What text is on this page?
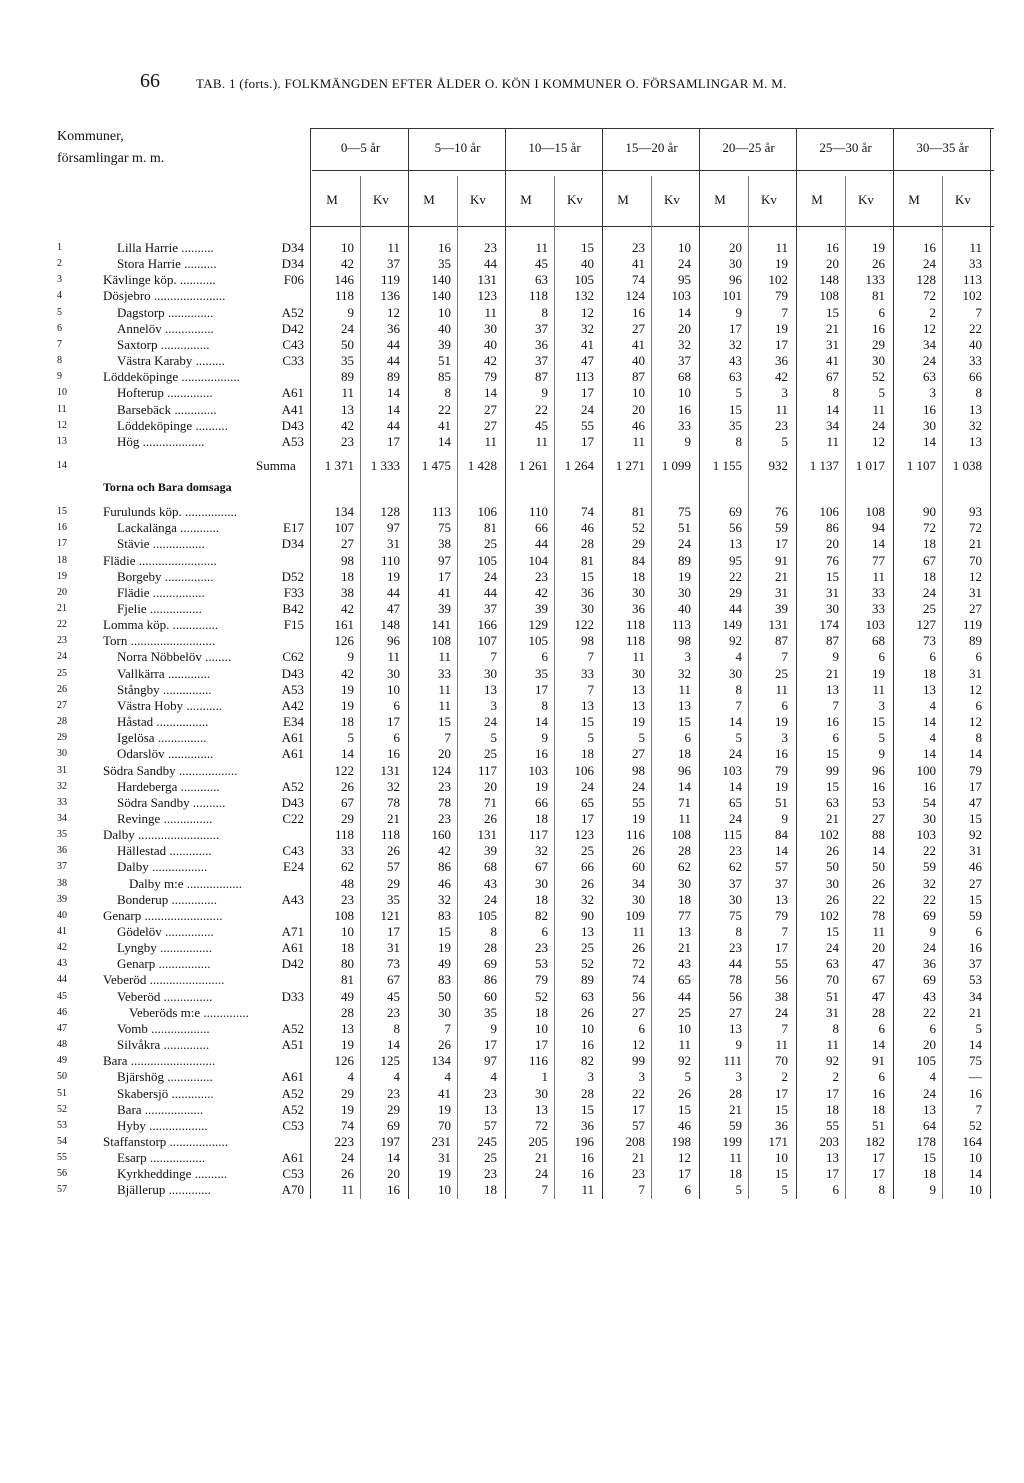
66	TAB. 1 (forts.). FOLKMÄNGDEN EFTER ÅLDER O. KÖN I KOMMUNER O. FÖRSAMLINGAR M. M.
Kommuner,
församlingar m. m.
0—5 år
M	Kv
5—10 år
M	Kv
10—15 år
M	Kv
15—20 år
M	Kv
20—25 år
M	Kv
25—30 år
M	Kv
30—35 år
M	Kv
Torna och Bara domsaga
1	Lilla Harrie ..........	D34	10	11	16	23	11	15	23	10	20	11	16	19	16	11
2	Stora Harrie ..........	D34	42	37	35	44	45	40	41	24	30	19	20	26	24	33
3	Kävlinge köp. ...........	F06	146	119	140	131	63	105	74	95	96	102	148	133	128	113
4	Dösjebro ......................	118	136	140	123	118	132	124	103	101	79	108	81	72	102
5	Dagstorp ..............	A52	9	12	10	11	8	12	16	14	9	7	15	6	2	7
6	Annelöv ...............	D42	24	36	40	30	37	32	27	20	17	19	21	16	12	22
7	Saxtorp ...............	C43	50	44	39	40	36	41	41	32	32	17	31	29	34	40
8	Västra Karaby .........	C33	35	44	51	42	37	47	40	37	43	36	41	30	24	33
9	Löddeköpinge ..................	89	89	85	79	87	113	87	68	63	42	67	52	63	66
10	Hofterup ..............	A61	11	14	8	14	9	17	10	10	5	3	8	5	3	8
11	Barsebäck .............	A41	13	14	22	27	22	24	20	16	15	11	14	11	16	13
12	Löddeköpinge ..........	D43	42	44	41	27	45	55	46	33	35	23	34	24	30	32
13	Hög ...................	A53	23	17	14	11	11	17	11	9	8	5	11	12	14	13
14	Summa	1 371	1 333	1 475	1 428	1 261	1 264	1 271	1 099	1 155	932	1 137	1 017	1 107	1 038
15	Furulunds köp. ................	134	128	113	106	110	74	81	75	69	76	106	108	90	93
16	Lackalänga ............	E17	107	97	75	81	66	46	52	51	56	59	86	94	72	72
17	Stävie ................	D34	27	31	38	25	44	28	29	24	13	17	20	14	18	21
18	Flädie ........................	98	110	97	105	104	81	84	89	95	91	76	77	67	70
19	Borgeby ...............	D52	18	19	17	24	23	15	18	19	22	21	15	11	18	12
20	Flädie ................	F33	38	44	41	44	42	36	30	30	29	31	31	33	24	31
21	Fjelie ................	B42	42	47	39	37	39	30	36	40	44	39	30	33	25	27
22	Lomma köp. ..............	F15	161	148	141	166	129	122	118	113	149	131	174	103	127	119
23	Torn ..........................	126	96	108	107	105	98	118	98	92	87	87	68	73	89
24	Norra Nöbbelöv ........	C62	9	11	11	7	6	7	11	3	4	7	9	6	6	6
25	Vallkärra .............	D43	42	30	33	30	35	33	30	32	30	25	21	19	18	31
26	Stångby ...............	A53	19	10	11	13	17	7	13	11	8	11	13	11	13	12
27	Västra Hoby ...........	A42	19	6	11	3	8	13	13	13	7	6	7	3	4	6
28	Håstad ................	E34	18	17	15	24	14	15	19	15	14	19	16	15	14	12
29	Igelösa ...............	A61	5	6	7	5	9	5	5	6	5	3	6	5	4	8
30	Odarslöv ..............	A61	14	16	20	25	16	18	27	18	24	16	15	9	14	14
31	Södra Sandby ..................	122	131	124	117	103	106	98	96	103	79	99	96	100	79
32	Hardeberga ............	A52	26	32	23	20	19	24	24	14	14	19	15	16	16	17
33	Södra Sandby ..........	D43	67	78	78	71	66	65	55	71	65	51	63	53	54	47
34	Revinge ...............	C22	29	21	23	26	18	17	19	11	24	9	21	27	30	15
35	Dalby .........................	118	118	160	131	117	123	116	108	115	84	102	88	103	92
36	Hällestad .............	C43	33	26	42	39	32	25	26	28	23	14	26	14	22	31
37	Dalby .................	E24	62	57	86	68	67	66	60	62	62	57	50	50	59	46
38	Dalby m:e .................	48	29	46	43	30	26	34	30	37	37	30	26	32	27
39	Bonderup ..............	A43	23	35	32	24	18	32	30	18	30	13	26	22	22	15
40	Genarp ........................	108	121	83	105	82	90	109	77	75	79	102	78	69	59
41	Gödelöv ...............	A71	10	17	15	8	6	13	11	13	8	7	15	11	9	6
42	Lyngby ................	A61	18	31	19	28	23	25	26	21	23	17	24	20	24	16
43	Genarp ................	D42	80	73	49	69	53	52	72	43	44	55	63	47	36	37
44	Veberöd .......................	81	67	83	86	79	89	74	65	78	56	70	67	69	53
45	Veberöd ...............	D33	49	45	50	60	52	63	56	44	56	38	51	47	43	34
46	Veberöds m:e ..............	28	23	30	35	18	26	27	25	27	24	31	28	22	21
47	Vomb ..................	A52	13	8	7	9	10	10	6	10	13	7	8	6	6	5
48	Silvåkra ..............	A51	19	14	26	17	17	16	12	11	9	11	11	14	20	14
49	Bara ..........................	126	125	134	97	116	82	99	92	111	70	92	91	105	75
50	Bjärshög ..............	A61	4	4	4	4	1	3	3	5	3	2	2	6	4	—
51	Skabersjö .............	A52	29	23	41	23	30	28	22	26	28	17	17	16	24	16
52	Bara ..................	A52	19	29	19	13	13	15	17	15	21	15	18	18	13	7
53	Hyby ..................	C53	74	69	70	57	72	36	57	46	59	36	55	51	64	52
54	Staffanstorp ..................	223	197	231	245	205	196	208	198	199	171	203	182	178	164
55	Esarp .................	A61	24	14	31	25	21	16	21	12	11	10	13	17	15	10
56	Kyrkheddinge ..........	C53	26	20	19	23	24	16	23	17	18	15	17	17	18	14
57	Bjällerup .............	A70	11	16	10	18	7	11	7	6	5	5	6	8	9	10
